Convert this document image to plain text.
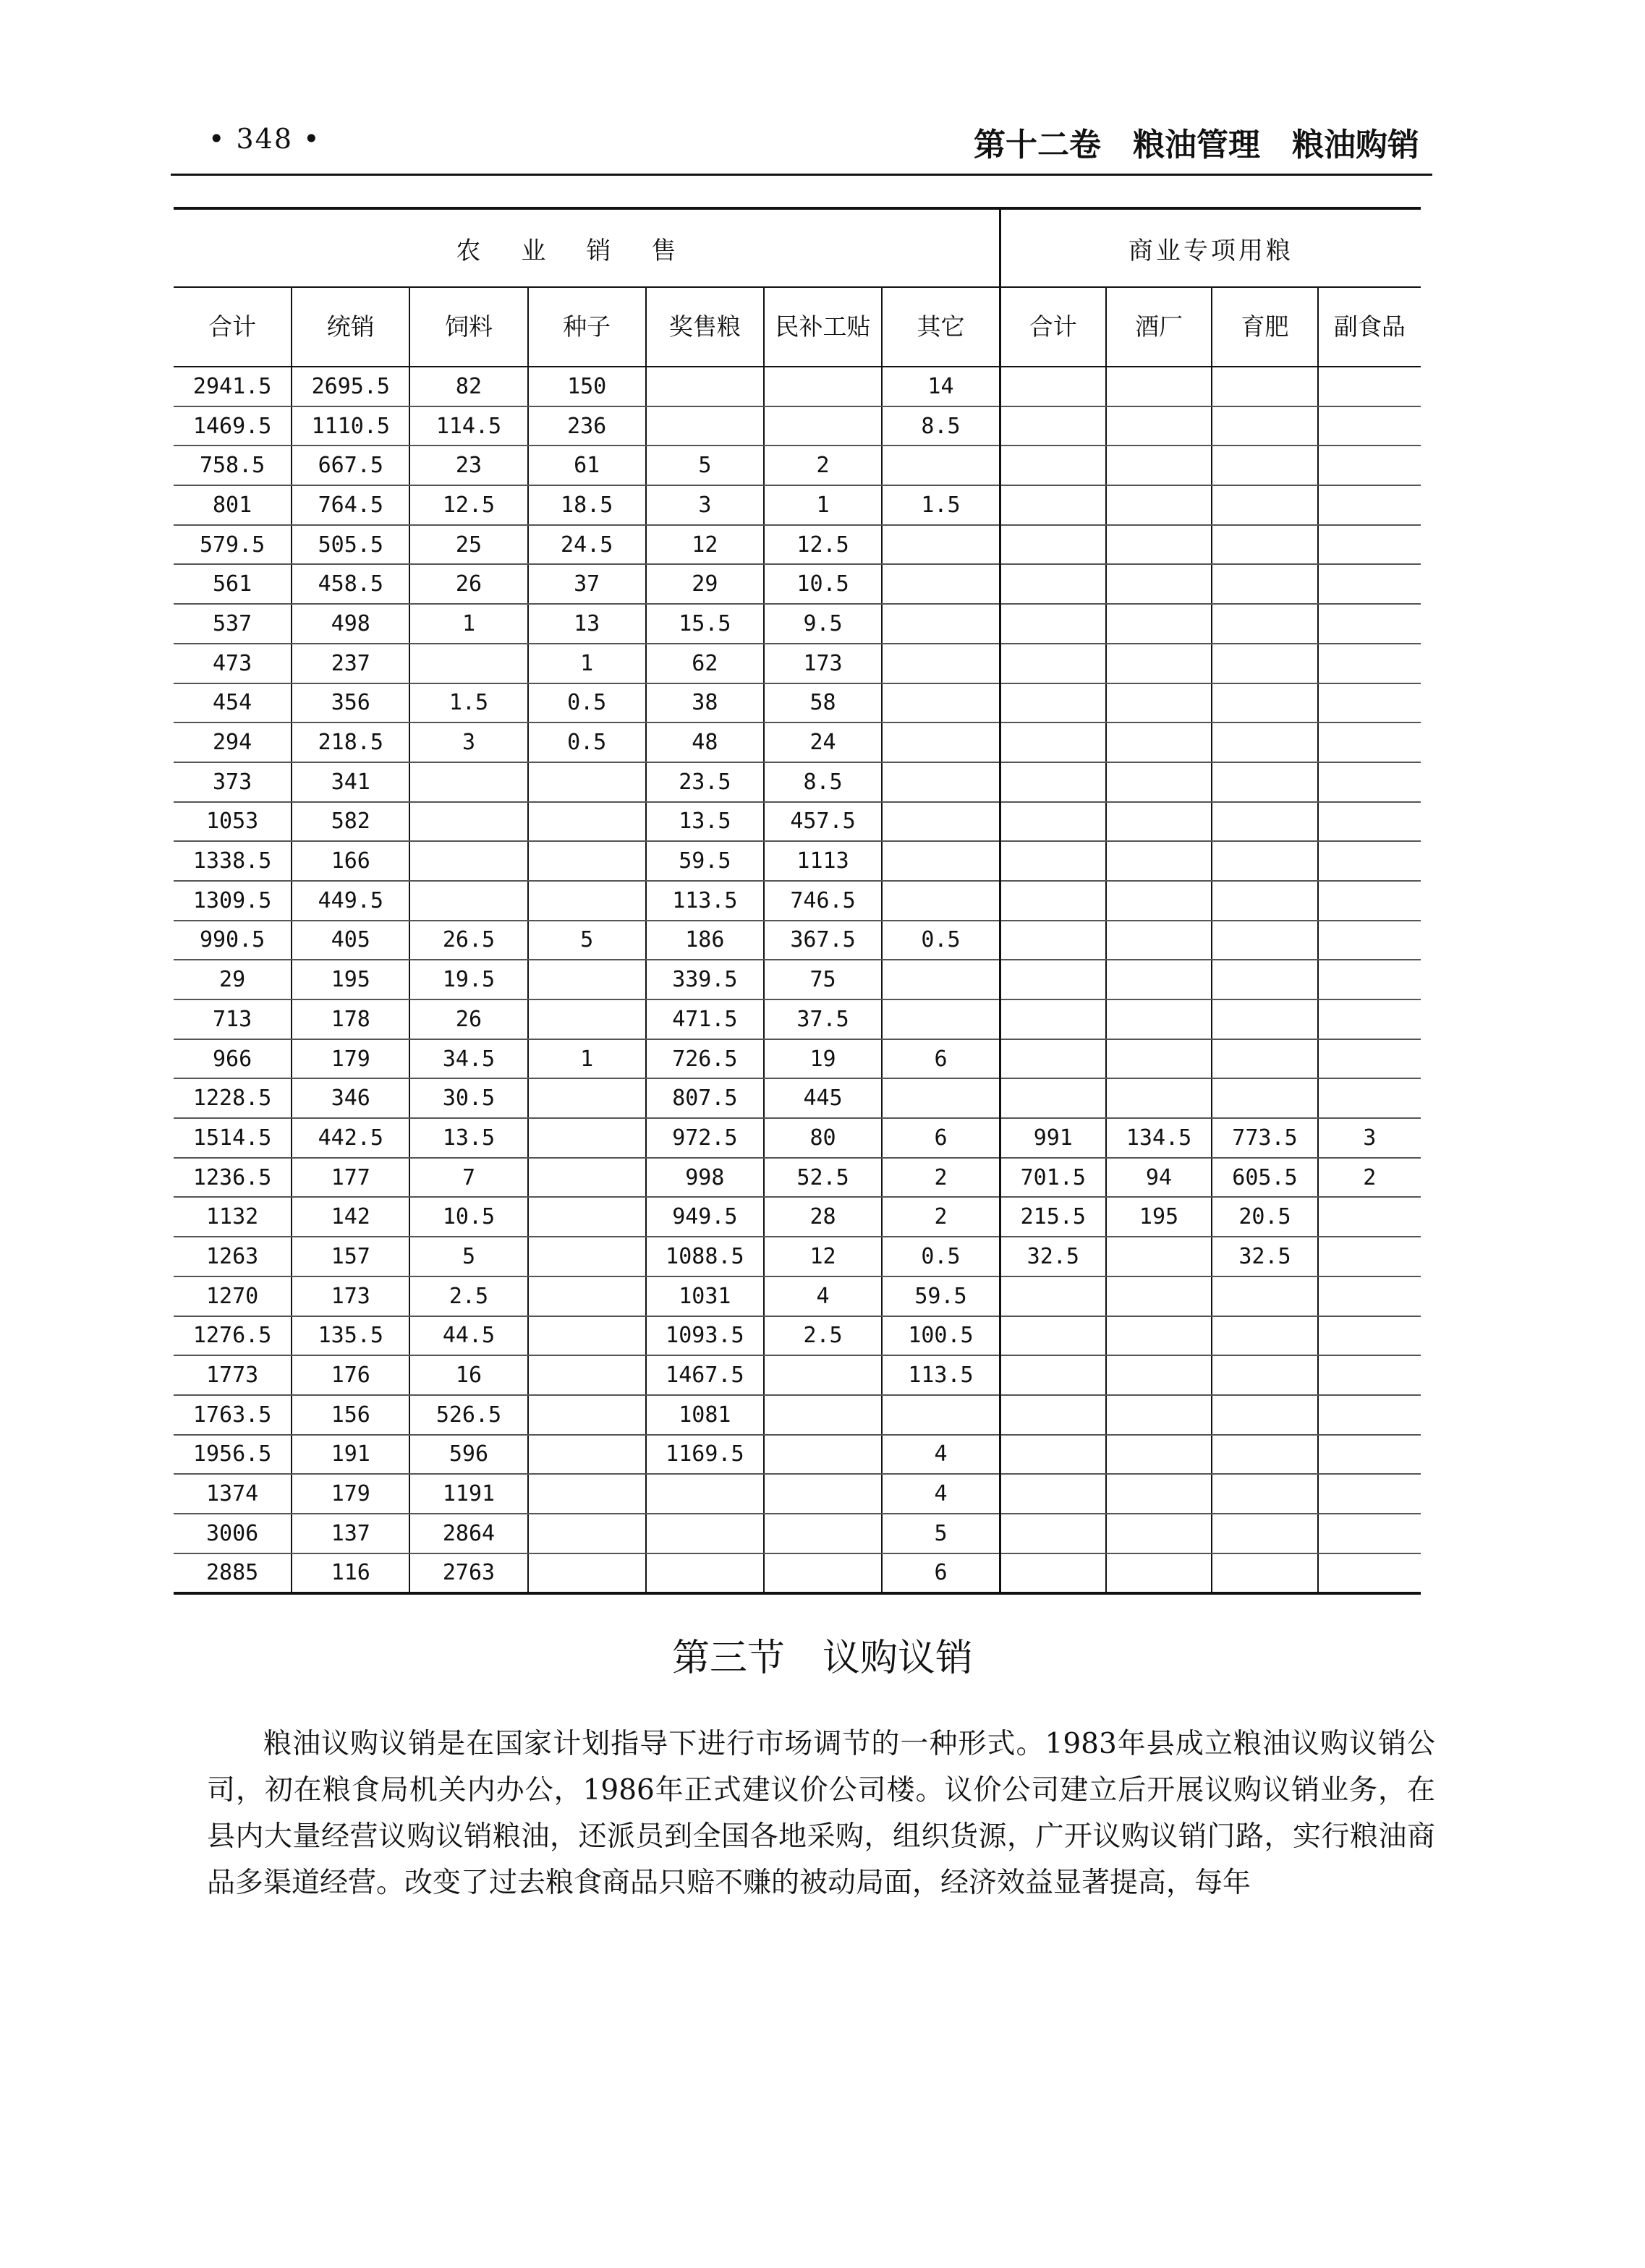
• 348 •	第十二卷　粮油管理　粮油购销
农业销售							商业专项用粮			
合计	统销	饲料	种子	奖售粮	民补工贴	其它	合计	酒厂	育肥	副食品
2941.5	2695.5	82	150			14				
1469.5	1110.5	114.5	236			8.5				
758.5	667.5	23	61	5	2					
801	764.5	12.5	18.5	3	1	1.5				
579.5	505.5	25	24.5	12	12.5					
561	458.5	26	37	29	10.5					
537	498	1	13	15.5	9.5					
473	237		1	62	173					
454	356	1.5	0.5	38	58					
294	218.5	3	0.5	48	24					
373	341			23.5	8.5					
1053	582			13.5	457.5					
1338.5	166			59.5	1113					
1309.5	449.5			113.5	746.5					
990.5	405	26.5	5	186	367.5	0.5				
29	195	19.5		339.5	75					
713	178	26		471.5	37.5					
966	179	34.5	1	726.5	19	6				
1228.5	346	30.5		807.5	445					
1514.5	442.5	13.5		972.5	80	6	991	134.5	773.5	3
1236.5	177	7		998	52.5	2	701.5	94	605.5	2
1132	142	10.5		949.5	28	2	215.5	195	20.5	
1263	157	5		1088.5	12	0.5	32.5		32.5	
1270	173	2.5		1031	4	59.5				
1276.5	135.5	44.5		1093.5	2.5	100.5				
1773	176	16		1467.5		113.5				
1763.5	156	526.5		1081						
1956.5	191	596		1169.5		4				
1374	179	1191				4				
3006	137	2864				5				
2885	116	2763				6				
第三节　议购议销

粮油议购议销是在国家计划指导下进行市场调节的一种形式。1983年县成立粮油议购议销公司，初在粮食局机关内办公，1986年正式建议价公司楼。议价公司建立后开展议购议销业务，在县内大量经营议购议销粮油，还派员到全国各地采购，组织货源，广开议购议销门路，实行粮油商品多渠道经营。改变了过去粮食商品只赔不赚的被动局面，经济效益显著提高，每年
